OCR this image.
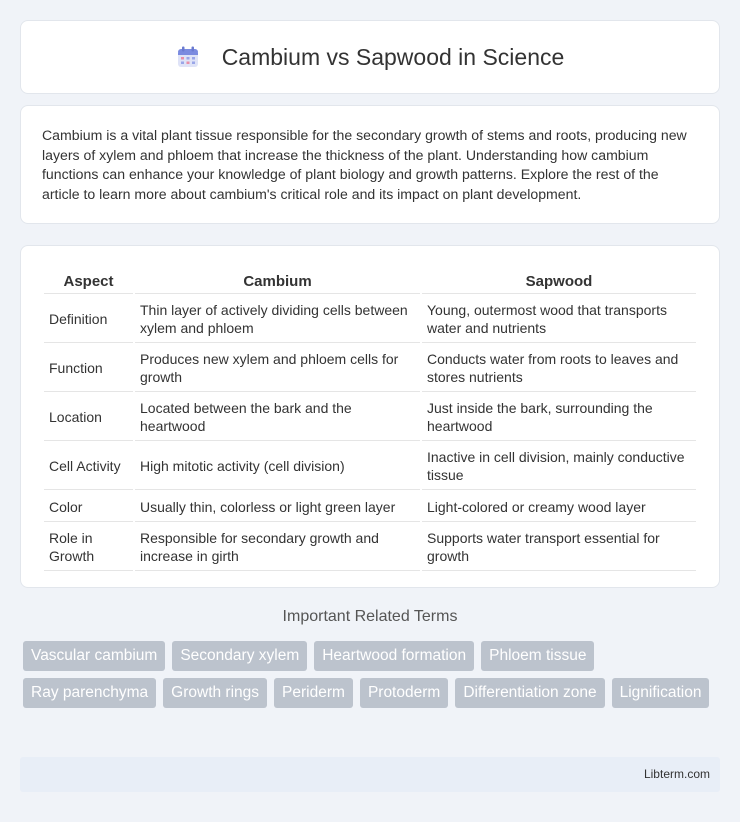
Cambium vs Sapwood in Science

Cambium is a vital plant tissue responsible for the secondary growth of stems and roots, producing new layers of xylem and phloem that increase the thickness of the plant. Understanding how cambium functions can enhance your knowledge of plant biology and growth patterns. Explore the rest of the article to learn more about cambium's critical role and its impact on plant development.

Aspect	Cambium	Sapwood
Definition	Thin layer of actively dividing cells between xylem and phloem	Young, outermost wood that transports water and nutrients
Function	Produces new xylem and phloem cells for growth	Conducts water from roots to leaves and stores nutrients
Location	Located between the bark and the heartwood	Just inside the bark, surrounding the heartwood
Cell Activity	High mitotic activity (cell division)	Inactive in cell division, mainly conductive tissue
Color	Usually thin, colorless or light green layer	Light-colored or creamy wood layer
Role in Growth	Responsible for secondary growth and increase in girth	Supports water transport essential for growth
Important Related Terms
Vascular cambium	Secondary xylem	Heartwood formation	Phloem tissue
Ray parenchyma	Growth rings	Periderm	Protoderm	Differentiation zone	Lignification
Libterm.com
